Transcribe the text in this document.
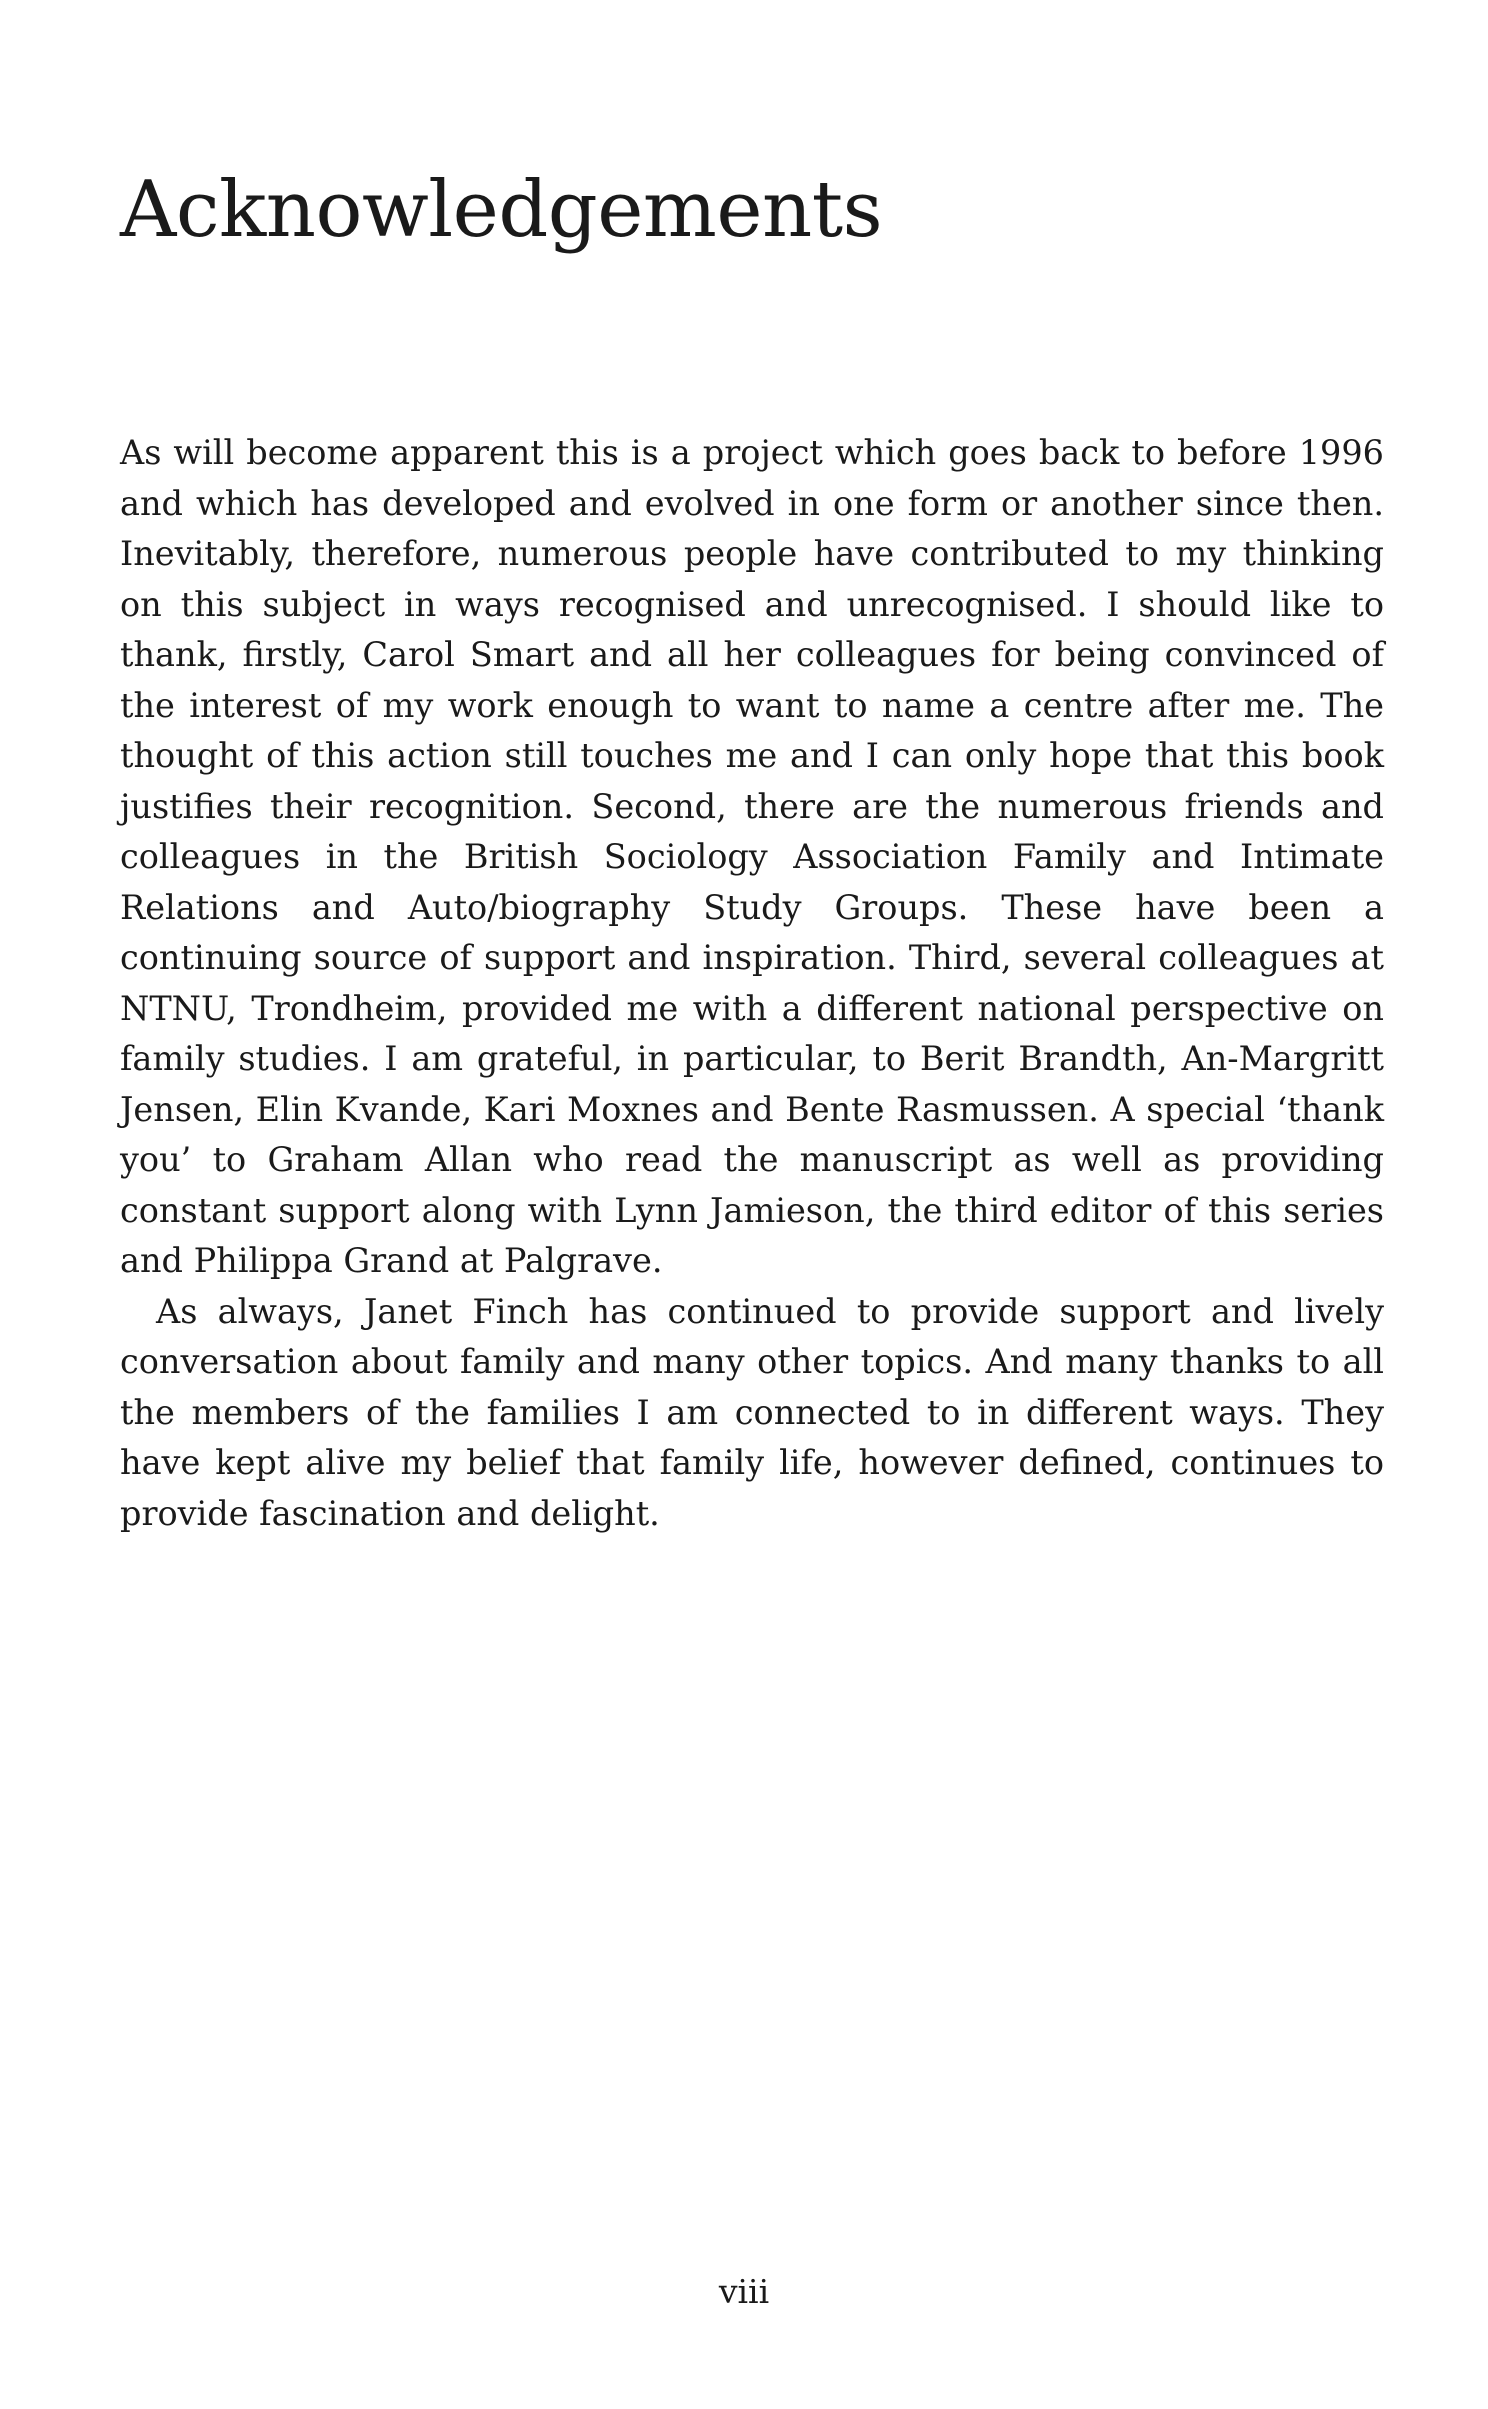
Acknowledgements

As will become apparent this is a project which goes back to before 1996 and which has developed and evolved in one form or another since then. Inevitably, therefore, numerous people have contributed to my thinking on this subject in ways recognised and unrecognised. I should like to thank, firstly, Carol Smart and all her colleagues for being convinced of the interest of my work enough to want to name a centre after me. The thought of this action still touches me and I can only hope that this book justifies their recognition. Second, there are the numerous friends and colleagues in the British Sociology Association Family and Intimate Relations and Auto/biography Study Groups. These have been a continuing source of support and inspiration. Third, several colleagues at NTNU, Trondheim, provided me with a different national perspective on family studies. I am grateful, in particular, to Berit Brandth, An-Margritt Jensen, Elin Kvande, Kari Moxnes and Bente Rasmussen. A special ‘thank you’ to Graham Allan who read the manuscript as well as providing constant support along with Lynn Jamieson, the third editor of this series and Philippa Grand at Palgrave.

As always, Janet Finch has continued to provide support and lively conversation about family and many other topics. And many thanks to all the members of the families I am connected to in different ways. They have kept alive my belief that family life, however defined, continues to provide fascination and delight.

viii
